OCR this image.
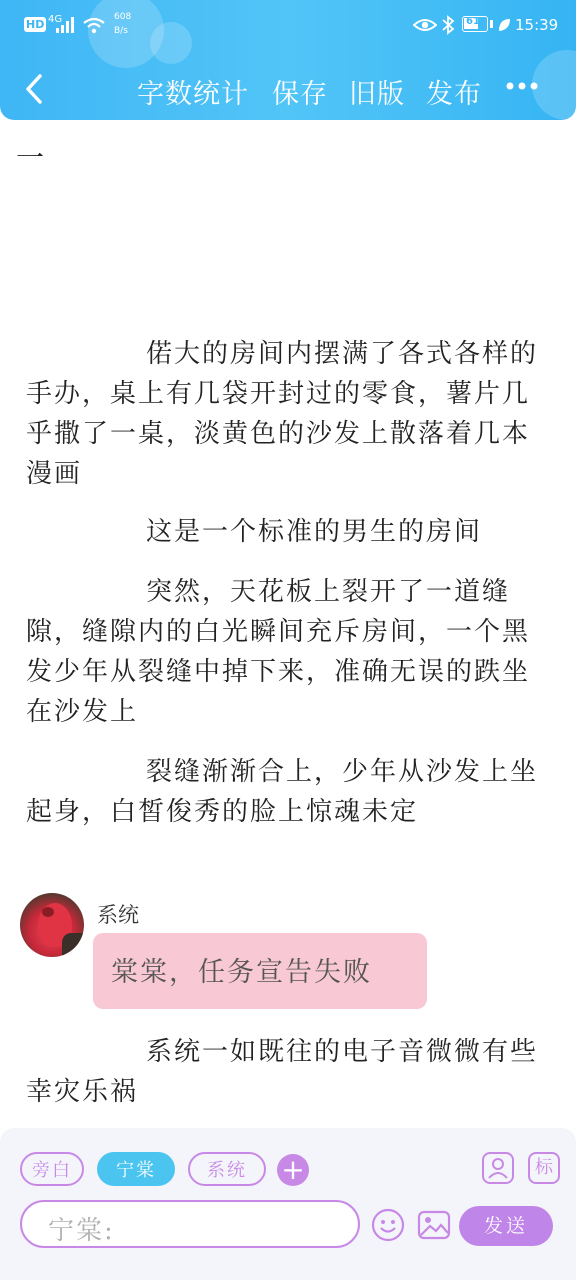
HD 4G	608
B/s
61 15:39
字数统计 保存 旧版 发布
一

偌大的房间内摆满了各式各样的手办，桌上有几袋开封过的零食，薯片几乎撒了一桌，淡黄色的沙发上散落着几本漫画

这是一个标准的男生的房间

突然，天花板上裂开了一道缝隙，缝隙内的白光瞬间充斥房间，一个黑发少年从裂缝中掉下来，准确无误的跌坐在沙发上

裂缝渐渐合上，少年从沙发上坐起身，白皙俊秀的脸上惊魂未定

系统
棠棠，任务宣告失败

系统一如既往的电子音微微有些幸灾乐祸

旁白	宁棠	系统	+	标
宁棠:	发送
